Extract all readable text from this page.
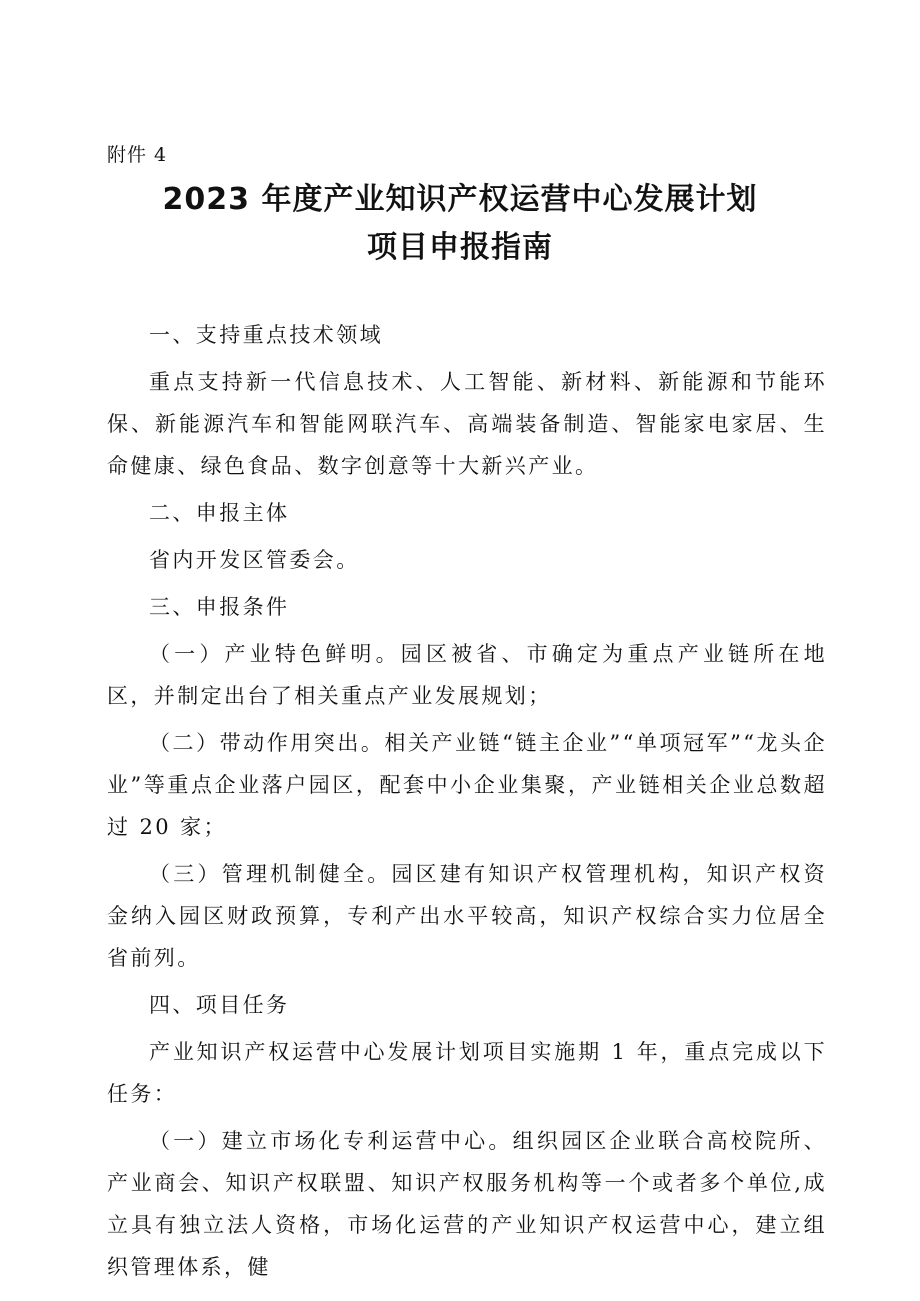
附件 4
2023 年度产业知识产权运营中心发展计划
项目申报指南

一、支持重点技术领域

重点支持新一代信息技术、人工智能、新材料、新能源和节能环保、新能源汽车和智能网联汽车、高端装备制造、智能家电家居、生命健康、绿色食品、数字创意等十大新兴产业。

二、申报主体

省内开发区管委会。

三、申报条件

（一）产业特色鲜明。园区被省、市确定为重点产业链所在地区，并制定出台了相关重点产业发展规划；

（二）带动作用突出。相关产业链“链主企业”“单项冠军”“龙头企业”等重点企业落户园区，配套中小企业集聚，产业链相关企业总数超过 20 家；

（三）管理机制健全。园区建有知识产权管理机构，知识产权资金纳入园区财政预算，专利产出水平较高，知识产权综合实力位居全省前列。

四、项目任务

产业知识产权运营中心发展计划项目实施期 1 年，重点完成以下任务：

（一）建立市场化专利运营中心。组织园区企业联合高校院所、产业商会、知识产权联盟、知识产权服务机构等一个或者多个单位,成立具有独立法人资格，市场化运营的产业知识产权运营中心，建立组织管理体系，健
